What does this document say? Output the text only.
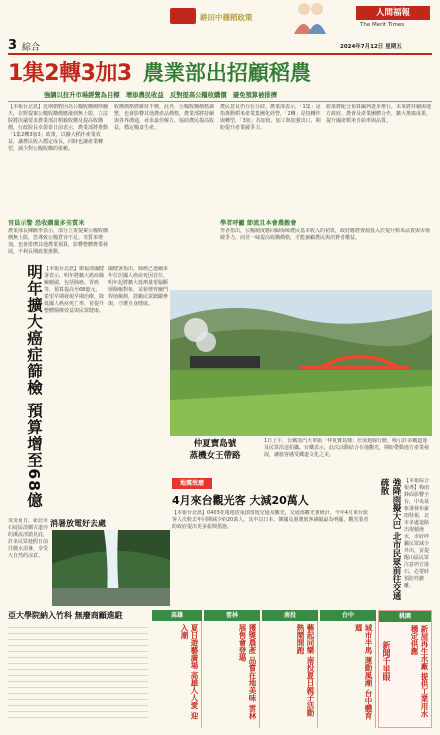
耕田中種稻政策
3 綜合
人間福報
The Merit Times
2024年7月12日 星期五
1集2轉3加3 農業部出招顧稻農
強調以拉升市場經營為目標　增添農民收益　反對提高公糧收購價　避免預算被排擠
【本報台北訊】近期朝野因為公糧收購價吵翻天，在野提案公糧收購價應漲到無上限，立法院將決議要求農業部訂稻穀收購及提高收購價，行政院長卓榮泰日前表示，農業部將推動「1集2轉3加3」政策，以擴大稻作產業效益，讓農民收入穩定成長，同時也讓產業轉型，減少對公糧收購的依賴。
收購價格將維持不變。此外，公糧收購價格調整，也會影響其他農產品價格，農業部將持續與各界溝通，尋求最佳解方，協助農民提高收益，穩定糧食生產。
農民意見仍存在分歧。農業部表示，「1集」是指推動稻米產業集團化經營，「2轉」是指轉作與轉型，「3加」為加值、加工與加強出口，期盼提升產業競爭力。
政策將配合預算編列逐步推行，未來將持續與地方政府、農會及產業團體合作，擴大推廣成果，提升國產稻米自給率與品質。
官員示警 恐收購量多劣質米
農業部長陳駿季表示，部分立委提案公糧收購價無上限，恐導致公糧倉容不足、劣質米增加，也會排擠其他農業預算，影響整體農業發展，不利長期政策推動。
學者呼籲 節流且本會農穀會
學者指出，公糧制度應回歸保障農民基本收入的初衷，政府應將資源投入於提升稻米品質與市場競爭力，而非一味提高收購價格，才能兼顧農民與消費者權益。
明年擴大癌症篩檢 預算增至68億 【本報台北訊】衛福部國健署表示，明年將擴大癌症篩檢範圍，包括肺癌、胃癌等，預算提高至68億元，希望早期發現早期治療，降低國人癌症死亡率，並提升整體醫療效益與民眾健康。
國健署指出，肺癌已連續多年位居國人癌症死因首位，明年起將擴大低劑量電腦斷層篩檢對象，並新增胃幽門桿菌檢測，鼓勵民眾踴躍參與，守護自身健康。
仲夏寶島號
蒸機女王帶路
1日上午，台鐵蒸汽火車頭「仲夏寶島號」於南迴線行駛，吸引許多鐵道迷及民眾沿途拍攝。台鐵表示，此次活動結合在地觀光，期盼帶動地方產業發展，讓旅客感受鐵道文化之美。
炎炎夏日，新北市石碇區淡蘭古道旁的溪流清澈見底，許多民眾趁假日前往戲水消暑，享受大自然的涼意。
消暑放電好去處
地震效應
4月來台觀光客 大減20萬人
【本報台北訊】0403花蓮地震重創當地交通及觀光，交通部觀光署統計，今年4月來台旅客人次較去年同期減少約20萬人，其中以日本、韓國及港澳旅客減幅最為明顯，觀光業者盼政府提出更多振興措施。	強降雨擬大巴 北市民眾前往交通疏散	【本報綜合報導】梅雨鋒面影響全台，中央氣象署發布豪雨特報，北市多處道路出現積淹水，市府呼籲民眾減少外出，並提醒山區民眾注意坍方落石，必要時預防性撤離。
亞大學院納入竹科 無廢商顧進駐	高雄
夏日遊藝廣場 高雄人人愛 迎入潮
雲林
獲獎農產 品嘗在地美味 雲林展售會登場
南投
藝起同樂 南投夏日親子活動 熱鬧開跑
台中
城市半馬 運動風潮 台中體育週
桃園
新屋再生水廠 提供工業用水 穩定供應
新聞千里眼
